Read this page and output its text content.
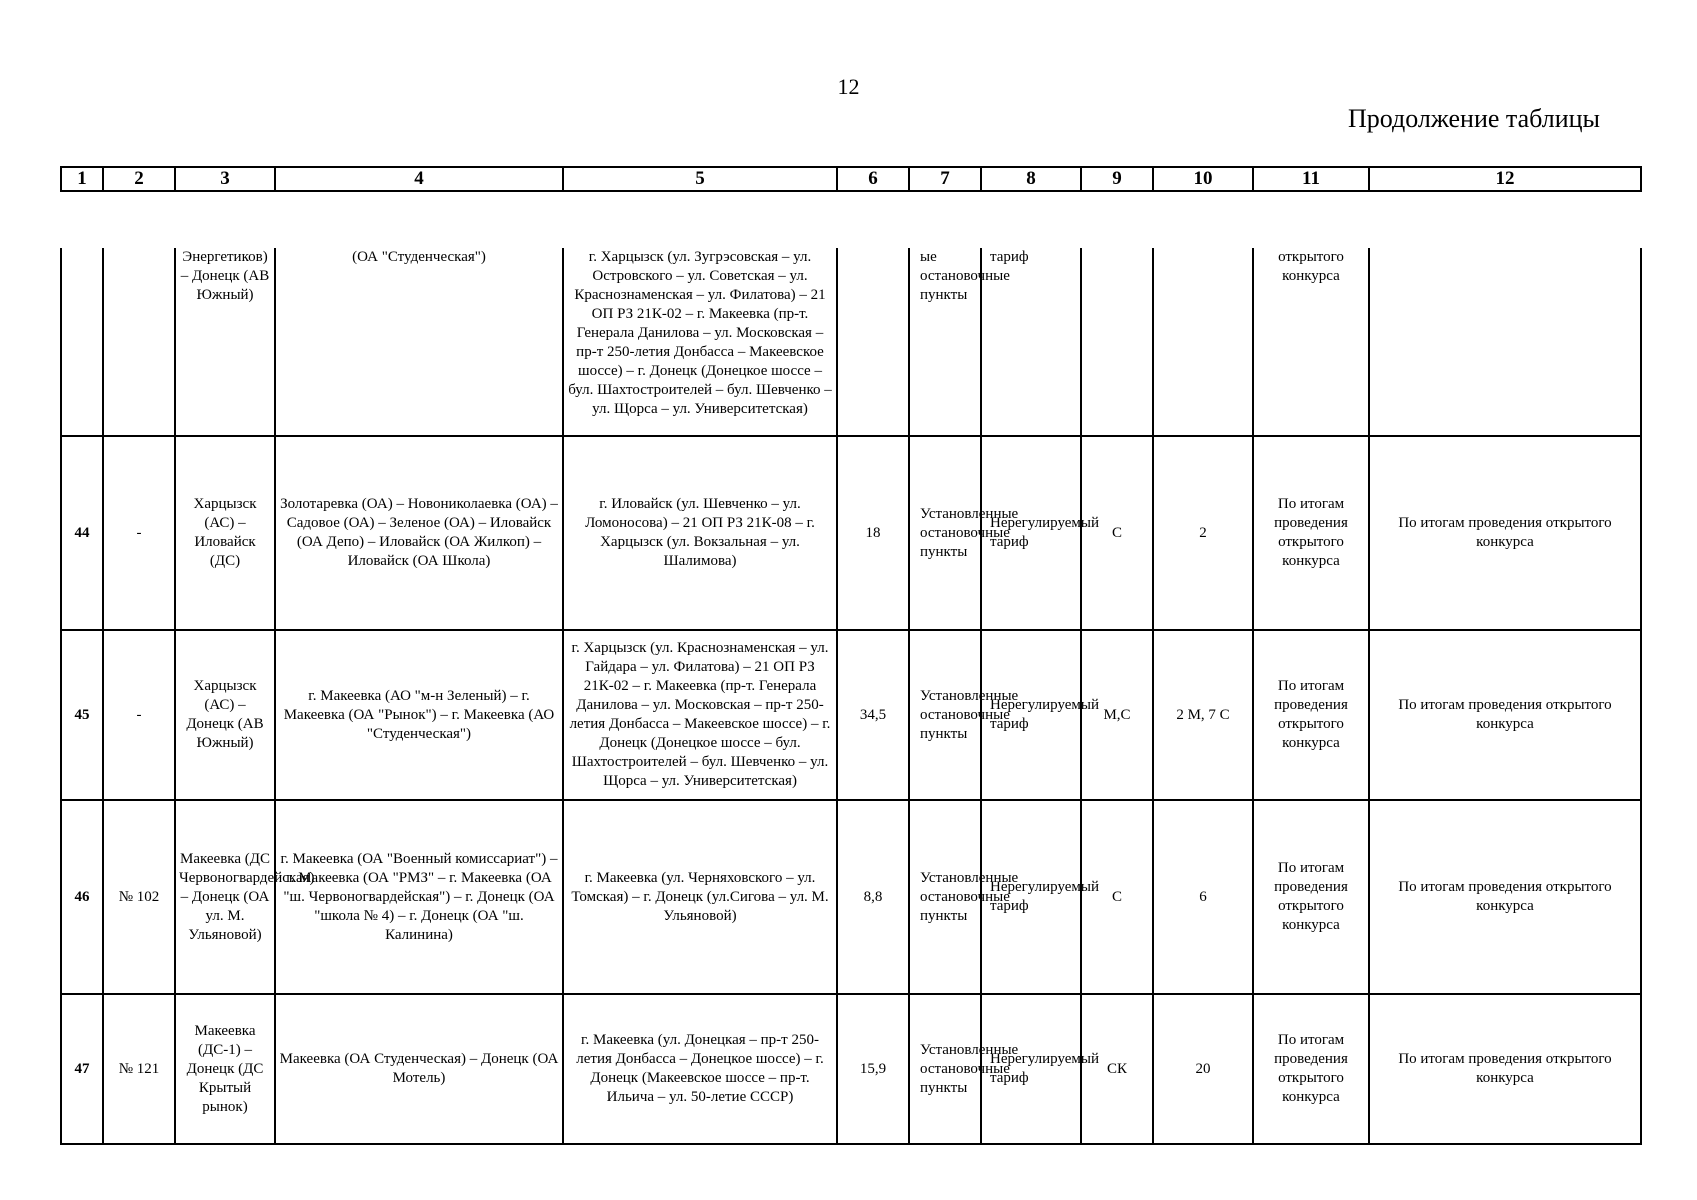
12
Продолжение таблицы
1	2	3	4	5	6	7	8	9	10	11	12
		Энергетиков) – Донецк (АВ Южный)	(ОА "Студенческая")	г. Харцызск (ул. Зугрэсовская – ул. Островского – ул. Советская – ул. Краснознаменская – ул. Филатова) – 21 ОП РЗ 21К-02 – г. Макеевка (пр-т. Генерала Данилова – ул. Московская – пр-т 250-летия Донбасса – Макеевское шоссе) – г. Донецк (Донецкое шоссе – бул. Шахтостроителей – бул. Шевченко – ул. Щорса – ул. Университетская)		ые остановочные пункты	тариф			открытого конкурса	
44	-	Харцызск (АС) – Иловайск (ДС)	Золотаревка (ОА) – Новониколаевка (ОА) – Садовое (ОА) – Зеленое (ОА) – Иловайск (ОА Депо) – Иловайск (ОА Жилкоп) – Иловайск (ОА Школа)	г. Иловайск (ул. Шевченко – ул. Ломоносова) – 21 ОП РЗ 21К-08 – г. Харцызск (ул. Вокзальная – ул. Шалимова)	18	Установленные остановочные пункты	Нерегулируемый тариф	С	2	По итогам проведения открытого конкурса	По итогам проведения открытого конкурса
45	-	Харцызск (АС) – Донецк (АВ Южный)	г. Макеевка (АО "м-н Зеленый) – г. Макеевка (ОА "Рынок") – г. Макеевка (АО "Студенческая")	г. Харцызск (ул. Краснознаменская – ул. Гайдара – ул. Филатова) – 21 ОП РЗ 21К-02 – г. Макеевка (пр-т. Генерала Данилова – ул. Московская – пр-т 250-летия Донбасса – Макеевское шоссе) – г. Донецк (Донецкое шоссе – бул. Шахтостроителей – бул. Шевченко – ул. Щорса – ул. Университетская)	34,5	Установленные остановочные пункты	Нерегулируемый тариф	М,С	2 М, 7 С	По итогам проведения открытого конкурса	По итогам проведения открытого конкурса
46	№ 102	Макеевка (ДС Червоногвардейская) – Донецк (ОА ул. М. Ульяновой)	г. Макеевка (ОА "Военный комиссариат") – г. Макеевка (ОА "РМЗ" – г. Макеевка (ОА "ш. Червоногвардейская") – г. Донецк (ОА "школа № 4) – г. Донецк (ОА "ш. Калинина)	г. Макеевка (ул. Черняховского – ул. Томская) – г. Донецк (ул.Сигова – ул. М. Ульяновой)	8,8	Установленные остановочные пункты	Нерегулируемый тариф	С	6	По итогам проведения открытого конкурса	По итогам проведения открытого конкурса
47	№ 121	Макеевка (ДС-1) – Донецк (ДС Крытый рынок)	Макеевка (ОА Студенческая) – Донецк (ОА Мотель)	г. Макеевка (ул. Донецкая – пр-т 250-летия Донбасса – Донецкое шоссе) – г. Донецк (Макеевское шоссе – пр-т. Ильича – ул. 50-летие СССР)	15,9	Установленные остановочные пункты	Нерегулируемый тариф	СК	20	По итогам проведения открытого конкурса	По итогам проведения открытого конкурса
